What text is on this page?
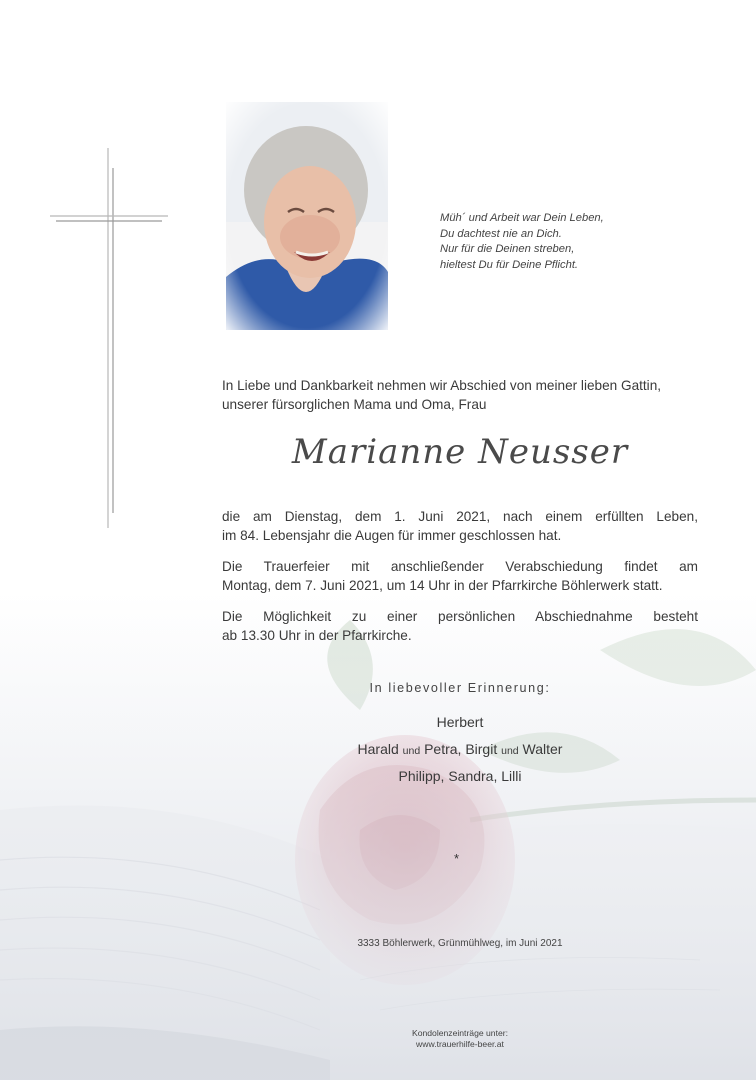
Müh´ und Arbeit war Dein Leben,
Du dachtest nie an Dich.
Nur für die Deinen streben,
hieltest Du für Deine Pflicht.
In Liebe und Dankbarkeit nehmen wir Abschied von meiner lieben Gattin,
unserer fürsorglichen Mama und Oma, Frau
Marianne Neusser
die am Dienstag, dem 1. Juni 2021, nach einem erfüllten Leben,
im 84. Lebensjahr die Augen für immer geschlossen hat.
Die Trauerfeier mit anschließender Verabschiedung findet am
Montag, dem 7. Juni 2021, um 14 Uhr in der Pfarrkirche Böhlerwerk statt.
Die Möglichkeit zu einer persönlichen Abschiednahme besteht
ab 13.30 Uhr in der Pfarrkirche.
In liebevoller Erinnerung:
Herbert
Harald und Petra, Birgit und Walter
Philipp, Sandra, Lilli
*
3333 Böhlerwerk, Grünmühlweg, im Juni 2021
Kondolenzeinträge unter:
www.trauerhilfe-beer.at
